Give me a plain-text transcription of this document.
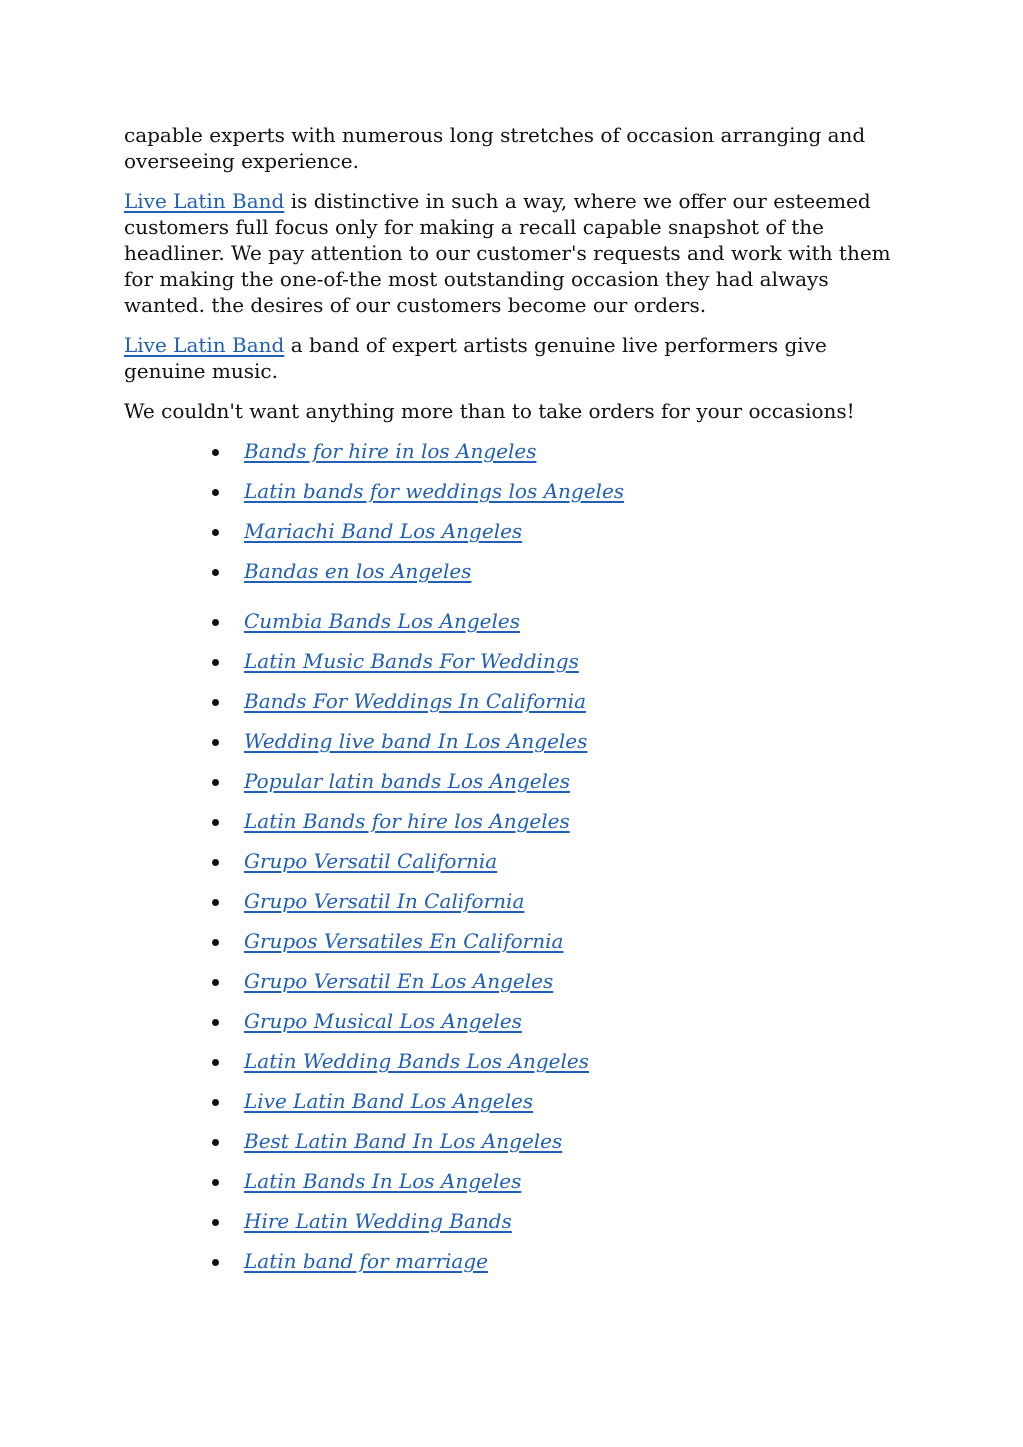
capable experts with numerous long stretches of occasion arranging and overseeing experience.

Live Latin Band is distinctive in such a way, where we offer our esteemed customers full focus only for making a recall capable snapshot of the headliner. We pay attention to our customer's requests and work with them for making the one-of-the most outstanding occasion they had always wanted. the desires of our customers become our orders.

Live Latin Band a band of expert artists genuine live performers give genuine music.

We couldn't want anything more than to take orders for your occasions!

Bands for hire in los Angeles
Latin bands for weddings los Angeles
Mariachi Band Los Angeles
Bandas en los Angeles
Cumbia Bands Los Angeles
Latin Music Bands For Weddings
Bands For Weddings In California
Wedding live band In Los Angeles
Popular latin bands Los Angeles
Latin Bands for hire los Angeles
Grupo Versatil California
Grupo Versatil In California
Grupos Versatiles En California
Grupo Versatil En Los Angeles
Grupo Musical Los Angeles
Latin Wedding Bands Los Angeles
Live Latin Band Los Angeles
Best Latin Band In Los Angeles
Latin Bands In Los Angeles
Hire Latin Wedding Bands
Latin band for marriage
